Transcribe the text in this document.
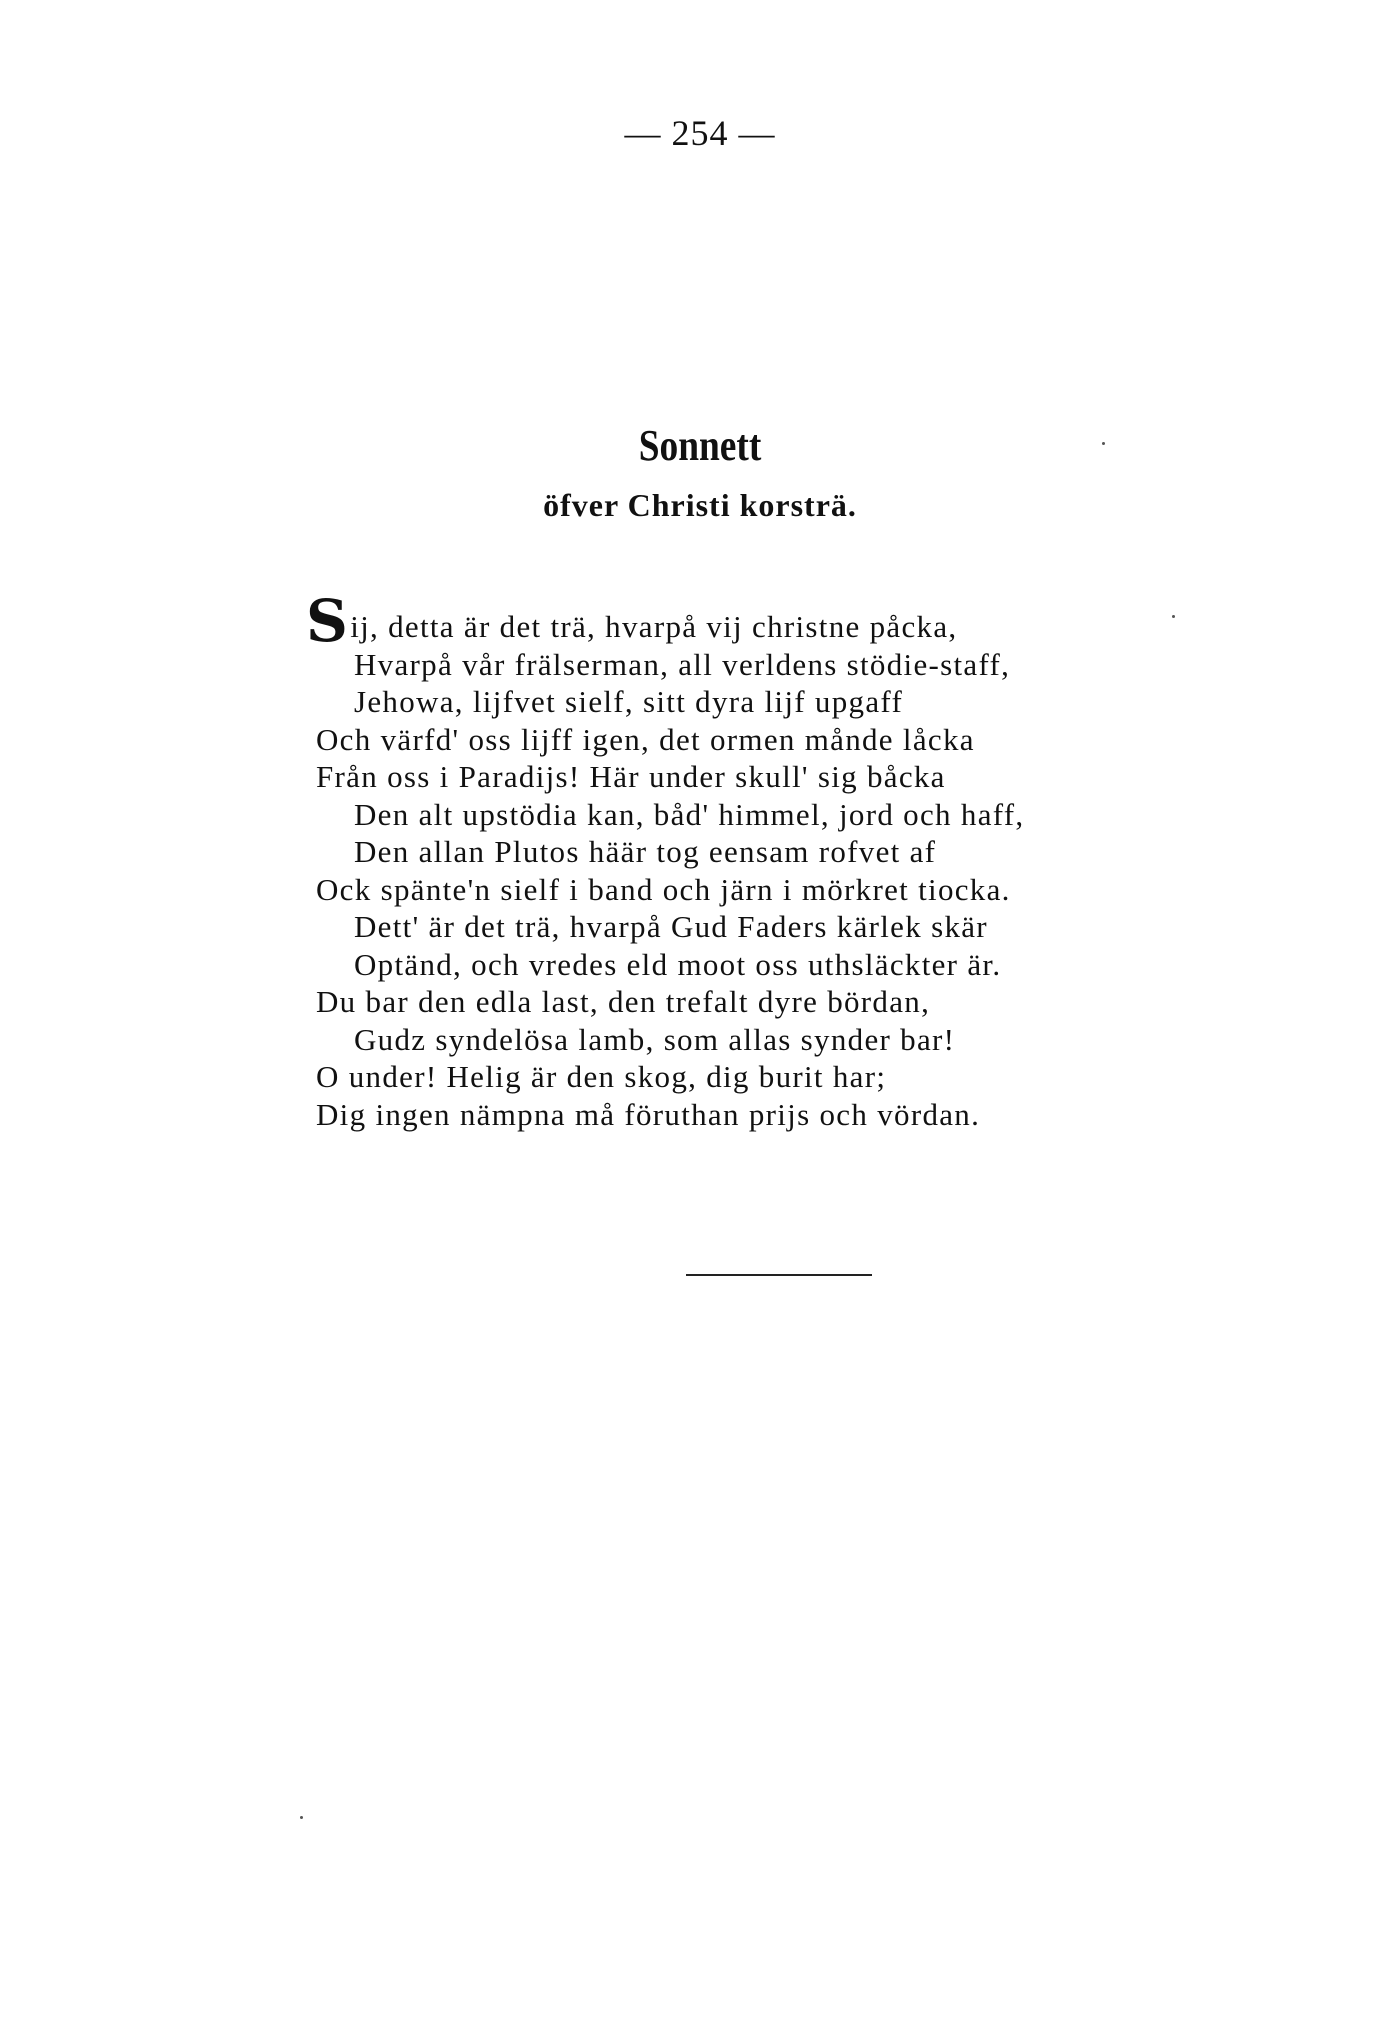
— 254 —
Sonnett
öfver Christi korsträ.
Sij, detta är det trä, hvarpå vij christne påcka,
Hvarpå vår frälserman, all verldens stödie-staff,
Jehowa, lijfvet sielf, sitt dyra lijf upgaff
Och värfd' oss lijff igen, det ormen månde låcka
Från oss i Paradijs! Här under skull' sig båcka
Den alt upstödia kan, båd' himmel, jord och haff,
Den allan Plutos häär tog eensam rofvet af
Ock spänte'n sielf i band och järn i mörkret tiocka.
Dett' är det trä, hvarpå Gud Faders kärlek skär
Optänd, och vredes eld moot oss uthsläckter är.
Du bar den edla last, den trefalt dyre bördan,
Gudz syndelösa lamb, som allas synder bar!
O under! Helig är den skog, dig burit har;
Dig ingen nämpna må föruthan prijs och vördan.
